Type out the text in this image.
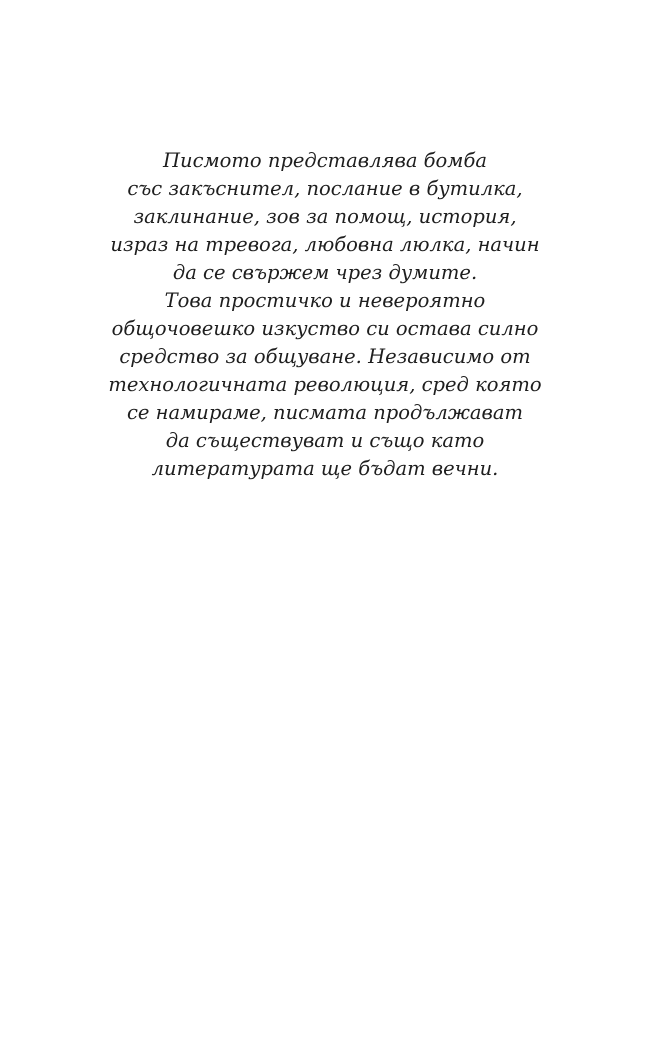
Писмото представлява бомба
със закъснител, послание в бутилка,
заклинание, зов за помощ, история,
израз на тревога, любовна люлка, начин
да се свържем чрез думите.
Това простичко и невероятно
общочовешко изкуство си остава силно
средство за общуване. Независимо от
технологичната революция, сред която
се намираме, писмата продължават
да съществуват и също като
литературата ще бъдат вечни.
